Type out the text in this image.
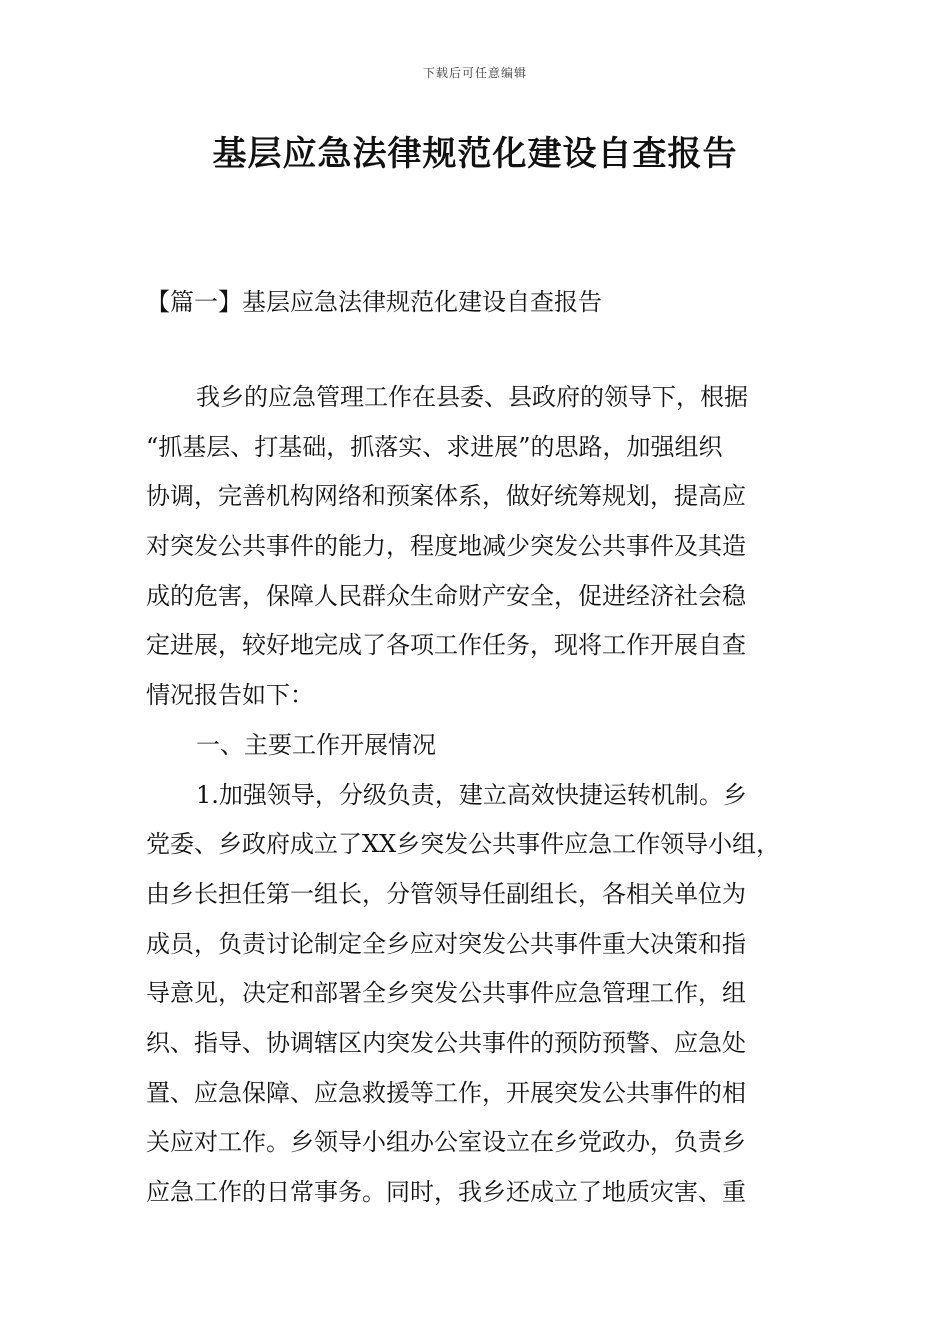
下载后可任意编辑
基层应急法律规范化建设自查报告
【篇一】基层应急法律规范化建设自查报告
我乡的应急管理工作在县委、县政府的领导下，根据
“抓基层、打基础，抓落实、求进展”的思路，加强组织
协调，完善机构网络和预案体系，做好统筹规划，提高应
对突发公共事件的能力，程度地减少突发公共事件及其造
成的危害，保障人民群众生命财产安全，促进经济社会稳
定进展，较好地完成了各项工作任务，现将工作开展自查
情况报告如下：
一、主要工作开展情况
1.加强领导，分级负责，建立高效快捷运转机制。乡
党委、乡政府成立了XX乡突发公共事件应急工作领导小组，
由乡长担任第一组长，分管领导任副组长，各相关单位为
成员，负责讨论制定全乡应对突发公共事件重大决策和指
导意见，决定和部署全乡突发公共事件应急管理工作，组
织、指导、协调辖区内突发公共事件的预防预警、应急处
置、应急保障、应急救援等工作，开展突发公共事件的相
关应对工作。乡领导小组办公室设立在乡党政办，负责乡
应急工作的日常事务。同时，我乡还成立了地质灾害、重
